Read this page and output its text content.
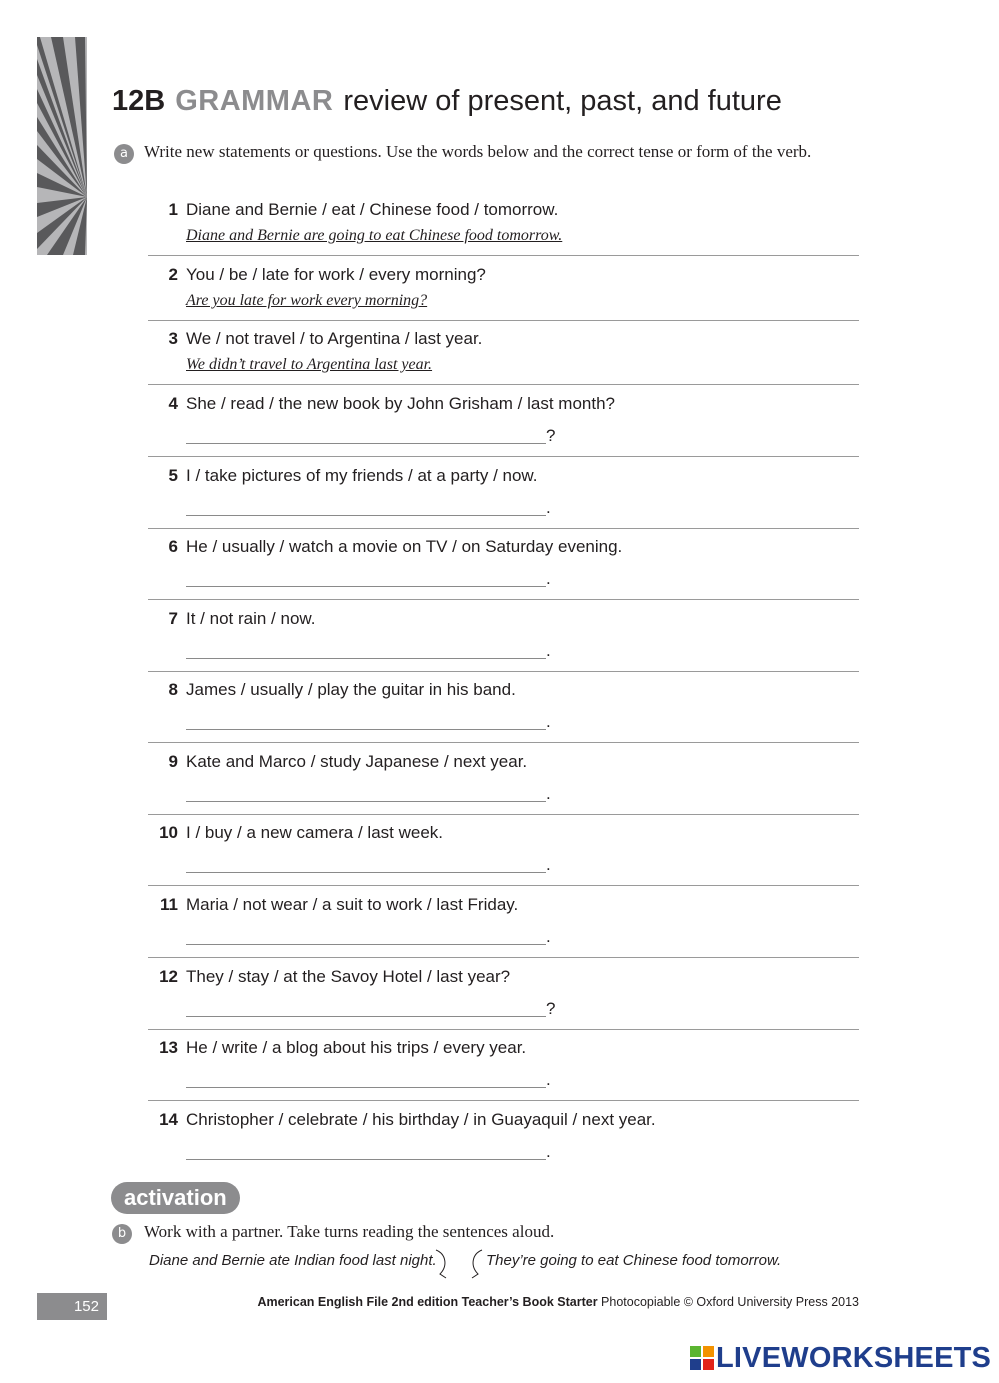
12B GRAMMAR review of present, past, and future
a Write new statements or questions. Use the words below and the correct tense or form of the verb.
1 Diane and Bernie / eat / Chinese food / tomorrow.
Diane and Bernie are going to eat Chinese food tomorrow.
2 You / be / late for work / every morning?
Are you late for work every morning?
3 We / not travel / to Argentina / last year.
We didn’t travel to Argentina last year.
4 She / read / the new book by John Grisham / last month?
?
5 I / take pictures of my friends / at a party / now.
.
6 He / usually / watch a movie on TV / on Saturday evening.
.
7 It / not rain / now.
.
8 James / usually / play the guitar in his band.
.
9 Kate and Marco / study Japanese / next year.
.
10 I / buy / a new camera / last week.
.
11 Maria / not wear / a suit to work / last Friday.
.
12 They / stay / at the Savoy Hotel / last year?
?
13 He / write / a blog about his trips / every year.
.
14 Christopher / celebrate / his birthday / in Guayaquil / next year.
.
activation
b	Work with a partner. Take turns reading the sentences aloud.
Diane and Bernie ate Indian food last night.	They’re going to eat Chinese food tomorrow.
152	American English File 2nd edition Teacher’s Book Starter Photocopiable © Oxford University Press 2013
LIVEWORKSHEETS
